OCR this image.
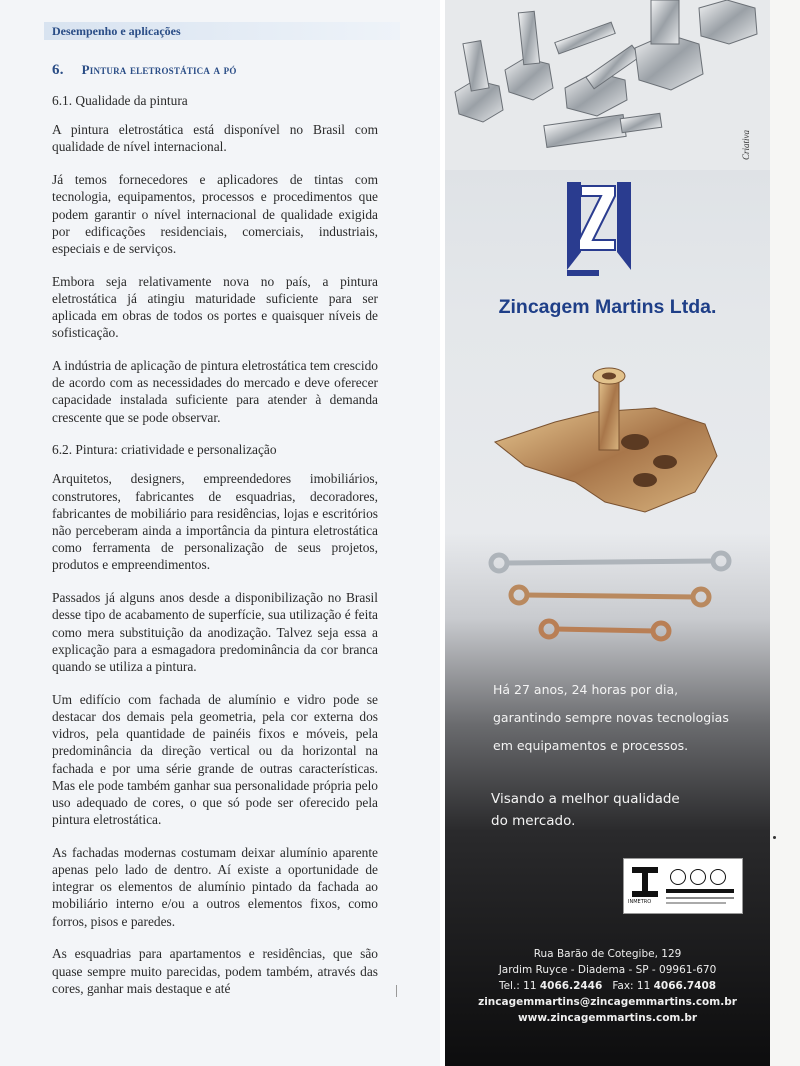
Desempenho e aplicações
6. Pintura eletrostática a pó

6.1. Qualidade da pintura

A pintura eletrostática está disponível no Brasil com qualidade de nível internacional.

Já temos fornecedores e aplicadores de tintas com tecnologia, equipamentos, processos e procedimentos que podem garantir o nível internacional de qualidade exigida por edificações residenciais, comerciais, industriais, especiais e de serviços.

Embora seja relativamente nova no país, a pintura eletrostática já atingiu maturidade suficiente para ser aplicada em obras de todos os portes e quaisquer níveis de sofisticação.

A indústria de aplicação de pintura eletrostática tem crescido de acordo com as necessidades do mercado e deve oferecer capacidade instalada suficiente para atender à demanda crescente que se pode observar.

6.2. Pintura: criatividade e personalização

Arquitetos, designers, empreendedores imobiliários, construtores, fabricantes de esquadrias, decoradores, fabricantes de mobiliário para residências, lojas e escritórios não perceberam ainda a importância da pintura eletrostática como ferramenta de personalização de seus projetos, produtos e empreendimentos.

Passados já alguns anos desde a disponibilização no Brasil desse tipo de acabamento de superfície, sua utilização é feita como mera substituição da anodização. Talvez seja essa a explicação para a esmagadora predominância da cor branca quando se utiliza a pintura.

Um edifício com fachada de alumínio e vidro pode se destacar dos demais pela geometria, pela cor externa dos vidros, pela quantidade de painéis fixos e móveis, pela predominância da direção vertical ou da horizontal na fachada e por uma série grande de outras características. Mas ele pode também ganhar sua personalidade própria pelo uso adequado de cores, o que só pode ser oferecido pela pintura eletrostática.

As fachadas modernas costumam deixar alumínio aparente apenas pelo lado de dentro. Aí existe a oportunidade de integrar os elementos de alumínio pintado da fachada ao mobiliário interno e/ou a outros elementos fixos, como forros, pisos e paredes.

As esquadrias para apartamentos e residências, que são quase sempre muito parecidas, podem também, através das cores, ganhar mais destaque e até

Criativa
Zincagem Martins Ltda.
Há 27 anos, 24 horas por dia,
garantindo sempre novas tecnologias
em equipamentos e processos.
Visando a melhor qualidade
do mercado.
INMETRO
Rua Barão de Cotegibe, 129
Jardim Ruyce - Diadema - SP - 09961-670
Tel.: 11 4066.2446 Fax: 11 4066.7408
zincagemmartins@zincagemmartins.com.br
www.zincagemmartins.com.br
